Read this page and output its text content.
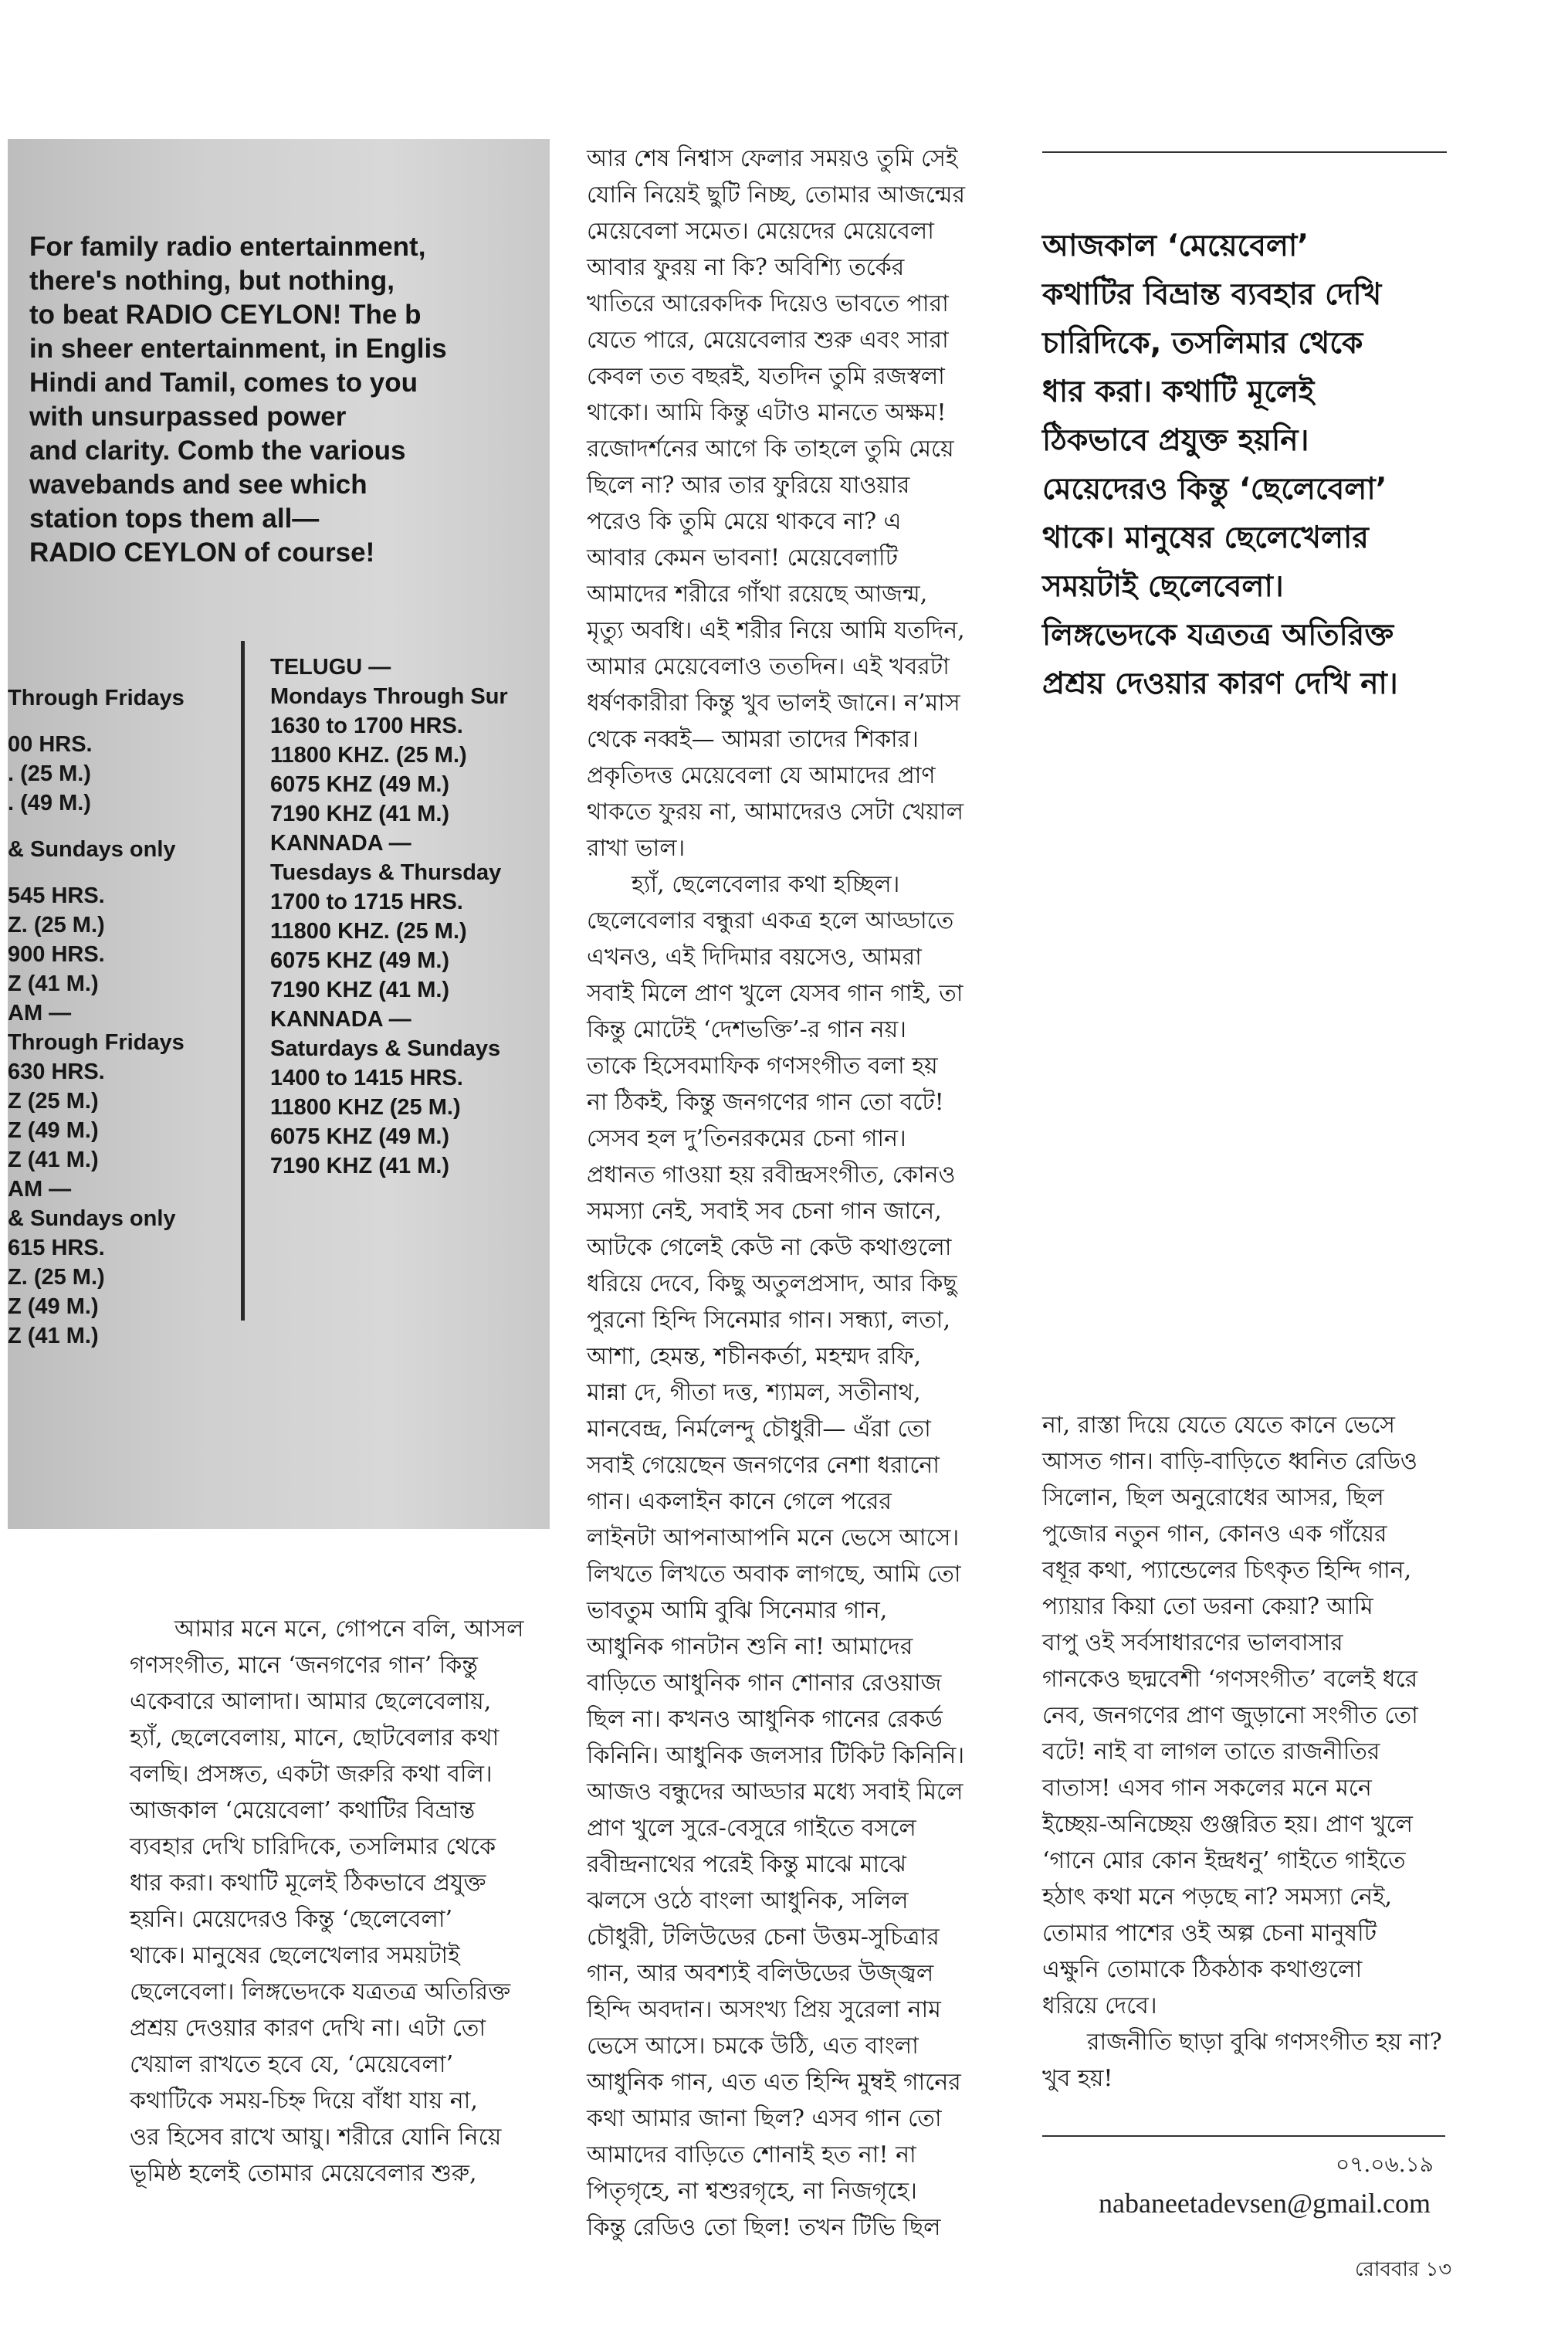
For family radio entertainment,
there's nothing, but nothing,
to beat RADIO CEYLON! The b
in sheer entertainment, in Englis
Hindi and Tamil, comes to you
with unsurpassed power
and clarity. Comb the various
wavebands and see which
station tops them all—
RADIO CEYLON of course!
Through Fridays
00 HRS.
. (25 M.)
. (49 M.)
& Sundays only
545 HRS.
Z. (25 M.)
900 HRS.
Z (41 M.)
AM —
Through Fridays
630 HRS.
Z (25 M.)
Z (49 M.)
Z (41 M.)
AM —
& Sundays only
615 HRS.
Z. (25 M.)
Z (49 M.)
Z (41 M.)
TELUGU —
Mondays Through Sur
1630 to 1700 HRS.
11800 KHZ. (25 M.)
6075 KHZ (49 M.)
7190 KHZ (41 M.)
KANNADA —
Tuesdays & Thursday
1700 to 1715 HRS.
11800 KHZ. (25 M.)
6075 KHZ (49 M.)
7190 KHZ (41 M.)
KANNADA —
Saturdays & Sundays
1400 to 1415 HRS.
11800 KHZ (25 M.)
6075 KHZ (49 M.)
7190 KHZ (41 M.)
আমার মনে মনে, গোপনে বলি, আসল
গণসংগীত, মানে ‘জনগণের গান’ কিন্তু
একেবারে আলাদা। আমার ছেলেবেলায়,
হ্যাঁ, ছেলেবেলায়, মানে, ছোটবেলার কথা
বলছি। প্রসঙ্গত, একটা জরুরি কথা বলি।
আজকাল ‘মেয়েবেলা’ কথাটির বিভ্রান্ত
ব্যবহার দেখি চারিদিকে, তসলিমার থেকে
ধার করা। কথাটি মূলেই ঠিকভাবে প্রযুক্ত
হয়নি। মেয়েদেরও কিন্তু ‘ছেলেবেলা’
থাকে। মানুষের ছেলেখেলার সময়টাই
ছেলেবেলা। লিঙ্গভেদকে যত্রতত্র অতিরিক্ত
প্রশ্রয় দেওয়ার কারণ দেখি না। এটা তো
খেয়াল রাখতে হবে যে, ‘মেয়েবেলা’
কথাটিকে সময়-চিহ্ন দিয়ে বাঁধা যায় না,
ওর হিসেব রাখে আয়ু। শরীরে যোনি নিয়ে
ভূমিষ্ঠ হলেই তোমার মেয়েবেলার শুরু,
আর শেষ নিশ্বাস ফেলার সময়ও তুমি সেই
যোনি নিয়েই ছুটি নিচ্ছ, তোমার আজন্মের
মেয়েবেলা সমেত। মেয়েদের মেয়েবেলা
আবার ফুরয় না কি? অবিশ্যি তর্কের
খাতিরে আরেকদিক দিয়েও ভাবতে পারা
যেতে পারে, মেয়েবেলার শুরু এবং সারা
কেবল তত বছরই, যতদিন তুমি রজস্বলা
থাকো। আমি কিন্তু এটাও মানতে অক্ষম!
রজোদর্শনের আগে কি তাহলে তুমি মেয়ে
ছিলে না? আর তার ফুরিয়ে যাওয়ার
পরেও কি তুমি মেয়ে থাকবে না? এ
আবার কেমন ভাবনা! মেয়েবেলাটি
আমাদের শরীরে গাঁথা রয়েছে আজন্ম,
মৃত্যু অবধি। এই শরীর নিয়ে আমি যতদিন,
আমার মেয়েবেলাও ততদিন। এই খবরটা
ধর্ষণকারীরা কিন্তু খুব ভালই জানে। ন’মাস
থেকে নব্বই— আমরা তাদের শিকার।
প্রকৃতিদত্ত মেয়েবেলা যে আমাদের প্রাণ
থাকতে ফুরয় না, আমাদেরও সেটা খেয়াল
রাখা ভাল।
হ্যাঁ, ছেলেবেলার কথা হচ্ছিল।
ছেলেবেলার বন্ধুরা একত্র হলে আড্ডাতে
এখনও, এই দিদিমার বয়সেও, আমরা
সবাই মিলে প্রাণ খুলে যেসব গান গাই, তা
কিন্তু মোটেই ‘দেশভক্তি’-র গান নয়।
তাকে হিসেবমাফিক গণসংগীত বলা হয়
না ঠিকই, কিন্তু জনগণের গান তো বটে!
সেসব হল দু’তিনরকমের চেনা গান।
প্রধানত গাওয়া হয় রবীন্দ্রসংগীত, কোনও
সমস্যা নেই, সবাই সব চেনা গান জানে,
আটকে গেলেই কেউ না কেউ কথাগুলো
ধরিয়ে দেবে, কিছু অতুলপ্রসাদ, আর কিছু
পুরনো হিন্দি সিনেমার গান। সন্ধ্যা, লতা,
আশা, হেমন্ত, শচীনকর্তা, মহম্মদ রফি,
মান্না দে, গীতা দত্ত, শ্যামল, সতীনাথ,
মানবেন্দ্র, নির্মলেন্দু চৌধুরী— এঁরা তো
সবাই গেয়েছেন জনগণের নেশা ধরানো
গান। একলাইন কানে গেলে পরের
লাইনটা আপনাআপনি মনে ভেসে আসে।
লিখতে লিখতে অবাক লাগছে, আমি তো
ভাবতুম আমি বুঝি সিনেমার গান,
আধুনিক গানটান শুনি না! আমাদের
বাড়িতে আধুনিক গান শোনার রেওয়াজ
ছিল না। কখনও আধুনিক গানের রেকর্ড
কিনিনি। আধুনিক জলসার টিকিট কিনিনি।
আজও বন্ধুদের আড্ডার মধ্যে সবাই মিলে
প্রাণ খুলে সুরে-বেসুরে গাইতে বসলে
রবীন্দ্রনাথের পরেই কিন্তু মাঝে মাঝে
ঝলসে ওঠে বাংলা আধুনিক, সলিল
চৌধুরী, টলিউডের চেনা উত্তম-সুচিত্রার
গান, আর অবশ্যই বলিউডের উজ্জ্বল
হিন্দি অবদান। অসংখ্য প্রিয় সুরেলা নাম
ভেসে আসে। চমকে উঠি, এত বাংলা
আধুনিক গান, এত এত হিন্দি মুম্বই গানের
কথা আমার জানা ছিল? এসব গান তো
আমাদের বাড়িতে শোনাই হত না! না
পিতৃগৃহে, না শ্বশুরগৃহে, না নিজগৃহে।
কিন্তু রেডিও তো ছিল! তখন টিভি ছিল
আজকাল ‘মেয়েবেলা’
কথাটির বিভ্রান্ত ব্যবহার দেখি
চারিদিকে, তসলিমার থেকে
ধার করা। কথাটি মূলেই
ঠিকভাবে প্রযুক্ত হয়নি।
মেয়েদেরও কিন্তু ‘ছেলেবেলা’
থাকে। মানুষের ছেলেখেলার
সময়টাই ছেলেবেলা।
লিঙ্গভেদকে যত্রতত্র অতিরিক্ত
প্রশ্রয় দেওয়ার কারণ দেখি না।
না, রাস্তা দিয়ে যেতে যেতে কানে ভেসে
আসত গান। বাড়ি-বাড়িতে ধ্বনিত রেডিও
সিলোন, ছিল অনুরোধের আসর, ছিল
পুজোর নতুন গান, কোনও এক গাঁয়ের
বধূর কথা, প্যান্ডেলের চিৎকৃত হিন্দি গান,
প্যায়ার কিয়া তো ডরনা কেয়া? আমি
বাপু ওই সর্বসাধারণের ভালবাসার
গানকেও ছদ্মবেশী ‘গণসংগীত’ বলেই ধরে
নেব, জনগণের প্রাণ জুড়ানো সংগীত তো
বটে! নাই বা লাগল তাতে রাজনীতির
বাতাস! এসব গান সকলের মনে মনে
ইচ্ছেয়-অনিচ্ছেয় গুঞ্জরিত হয়। প্রাণ খুলে
‘গানে মোর কোন ইন্দ্রধনু’ গাইতে গাইতে
হঠাৎ কথা মনে পড়ছে না? সমস্যা নেই,
তোমার পাশের ওই অল্প চেনা মানুষটি
এক্ষুনি তোমাকে ঠিকঠাক কথাগুলো
ধরিয়ে দেবে।
রাজনীতি ছাড়া বুঝি গণসংগীত হয় না?
খুব হয়!
০৭.০৬.১৯
nabaneetadevsen@gmail.com
রোববার ১৩
